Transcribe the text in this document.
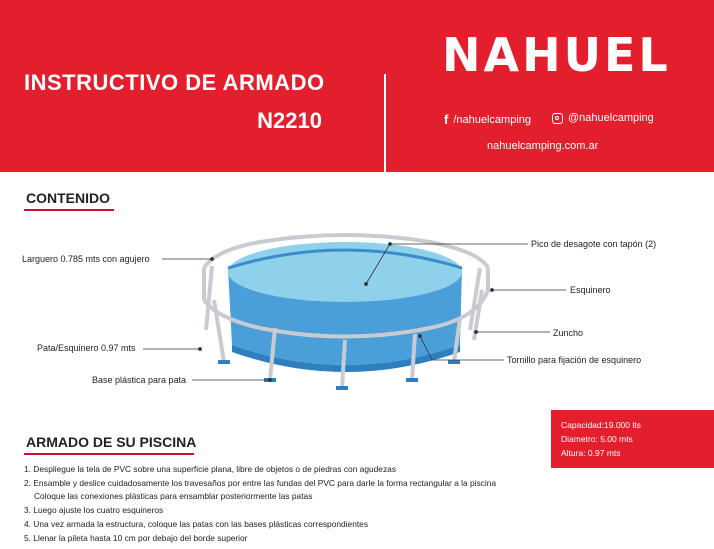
INSTRUCTIVO DE ARMADO
N2210
NAHUEL
f /nahuelcamping	@nahuelcamping
nahuelcamping.com.ar
CONTENIDO
Larguero 0.785 mts con agujero
Pico de desagote con tapón (2)
Esquinero
Zuncho
Pata/Esquinero 0.97 mts
Tornillo para fijación de esquinero
Base plástica para pata
Capacidad:19.000 lts
Diametro: 5.00 mts
Altura: 0.97 mts
ARMADO DE SU PISCINA
1. Despliegue la tela de PVC sobre una superficie plana, libre de objetos o de piedras con agudezas
2. Ensamble y deslice cuidadosamente los travesaños por entre las fundas del PVC para darle la forma rectangular a la piscina
Coloque las conexiones plásticas para ensamblar posteriormente las patas
3. Luego ajuste los cuatro esquineros
4. Una vez armada la estructura, coloque las patas con las bases plásticas correspondientes
5. Llenar la pileta hasta 10 cm por debajo del borde superior
